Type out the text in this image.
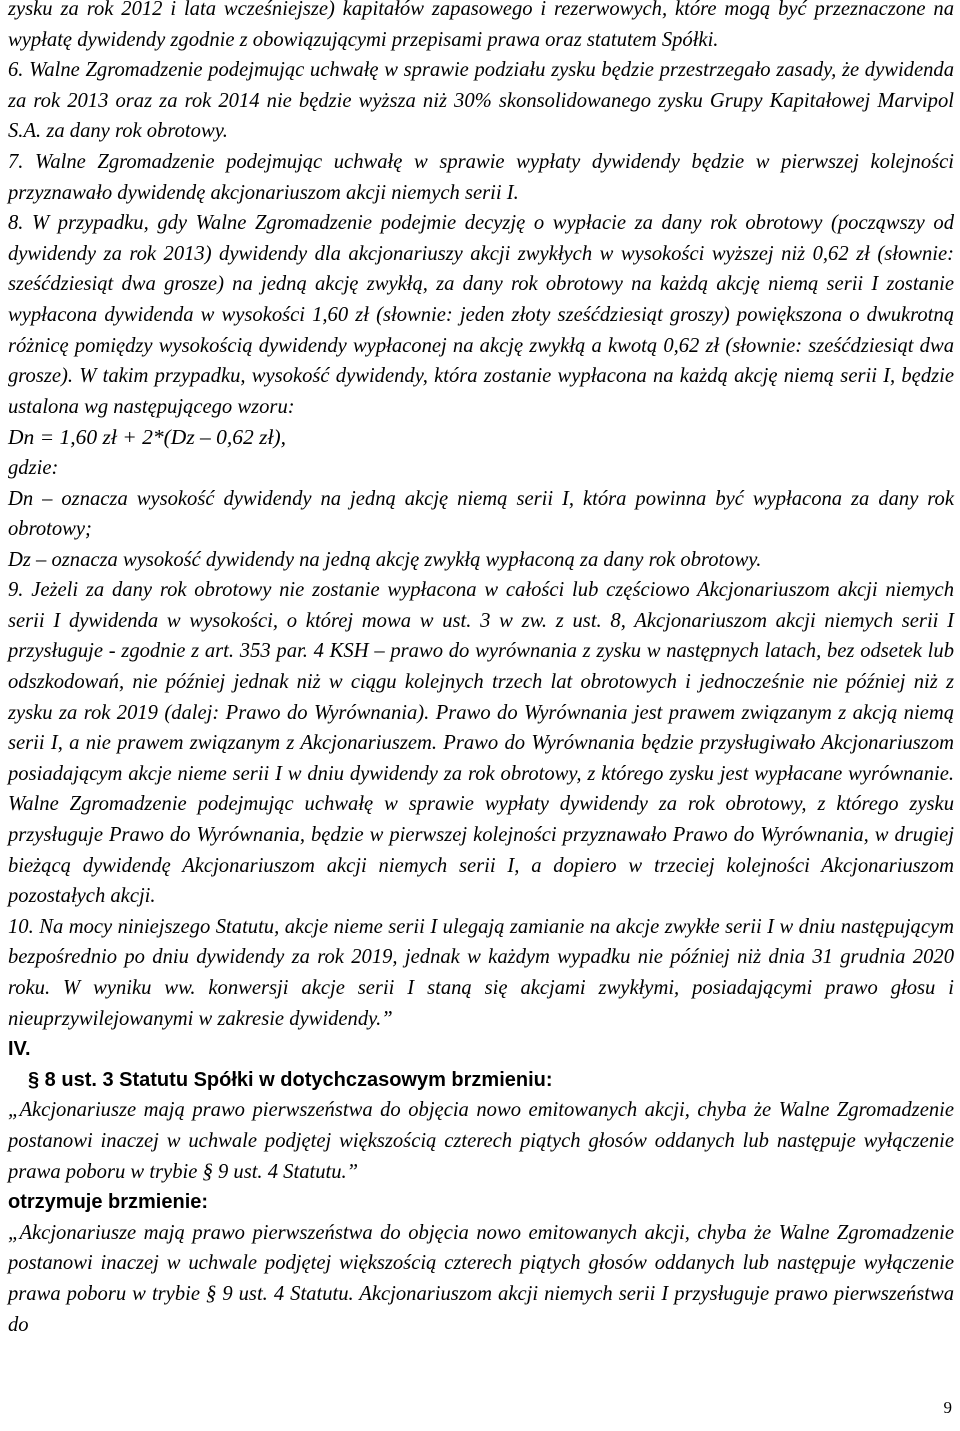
zysku za rok 2012 i lata wcześniejsze) kapitałów zapasowego i rezerwowych, które mogą być przeznaczone na wypłatę dywidendy zgodnie z obowiązującymi przepisami prawa oraz statutem Spółki.

6. Walne Zgromadzenie podejmując uchwałę w sprawie podziału zysku będzie przestrzegało zasady, że dywidenda za rok 2013 oraz za rok 2014 nie będzie wyższa niż 30% skonsolidowanego zysku Grupy Kapitałowej Marvipol S.A. za dany rok obrotowy.

7. Walne Zgromadzenie podejmując uchwałę w sprawie wypłaty dywidendy będzie w pierwszej kolejności przyznawało dywidendę akcjonariuszom akcji niemych serii I.

8. W przypadku, gdy Walne Zgromadzenie podejmie decyzję o wypłacie za dany rok obrotowy (począwszy od dywidendy za rok 2013) dywidendy dla akcjonariuszy akcji zwykłych w wysokości wyższej niż 0,62 zł (słownie: sześćdziesiąt dwa grosze) na jedną akcję zwykłą, za dany rok obrotowy na każdą akcję niemą serii I zostanie wypłacona dywidenda w wysokości 1,60 zł (słownie: jeden złoty sześćdziesiąt groszy) powiększona o dwukrotną różnicę pomiędzy wysokością dywidendy wypłaconej na akcję zwykłą a kwotą 0,62 zł (słownie: sześćdziesiąt dwa grosze). W takim przypadku, wysokość dywidendy, która zostanie wypłacona na każdą akcję niemą serii I, będzie ustalona wg następującego wzoru:

Dn = 1,60 zł + 2*(Dz – 0,62 zł),

gdzie:

Dn – oznacza wysokość dywidendy na jedną akcję niemą serii I, która powinna być wypłacona za dany rok obrotowy;

Dz – oznacza wysokość dywidendy na jedną akcję zwykłą wypłaconą za dany rok obrotowy.

9. Jeżeli za dany rok obrotowy nie zostanie wypłacona w całości lub częściowo Akcjonariuszom akcji niemych serii I dywidenda w wysokości, o której mowa w ust. 3 w zw. z ust. 8, Akcjonariuszom akcji niemych serii I przysługuje - zgodnie z art. 353 par. 4 KSH – prawo do wyrównania z zysku w następnych latach, bez odsetek lub odszkodowań, nie później jednak niż w ciągu kolejnych trzech lat obrotowych i jednocześnie nie później niż z zysku za rok 2019 (dalej: Prawo do Wyrównania). Prawo do Wyrównania jest prawem związanym z akcją niemą serii I, a nie prawem związanym z Akcjonariuszem. Prawo do Wyrównania będzie przysługiwało Akcjonariuszom posiadającym akcje nieme serii I w dniu dywidendy za rok obrotowy, z którego zysku jest wypłacane wyrównanie. Walne Zgromadzenie podejmując uchwałę w sprawie wypłaty dywidendy za rok obrotowy, z którego zysku przysługuje Prawo do Wyrównania, będzie w pierwszej kolejności przyznawało Prawo do Wyrównania, w drugiej bieżącą dywidendę Akcjonariuszom akcji niemych serii I, a dopiero w trzeciej kolejności Akcjonariuszom pozostałych akcji.

10. Na mocy niniejszego Statutu, akcje nieme serii I ulegają zamianie na akcje zwykłe serii I w dniu następującym bezpośrednio po dniu dywidendy za rok 2019, jednak w każdym wypadku nie później niż dnia 31 grudnia 2020 roku. W wyniku ww. konwersji akcje serii I staną się akcjami zwykłymi, posiadającymi prawo głosu i nieuprzywilejowanymi w zakresie dywidendy.”

IV.

§ 8 ust. 3 Statutu Spółki w dotychczasowym brzmieniu:

„Akcjonariusze mają prawo pierwszeństwa do objęcia nowo emitowanych akcji, chyba że Walne Zgromadzenie postanowi inaczej w uchwale podjętej większością czterech piątych głosów oddanych lub następuje wyłączenie prawa poboru w trybie § 9 ust. 4 Statutu.”

otrzymuje brzmienie:

„Akcjonariusze mają prawo pierwszeństwa do objęcia nowo emitowanych akcji, chyba że Walne Zgromadzenie postanowi inaczej w uchwale podjętej większością czterech piątych głosów oddanych lub następuje wyłączenie prawa poboru w trybie § 9 ust. 4 Statutu. Akcjonariuszom akcji niemych serii I przysługuje prawo pierwszeństwa do

9
